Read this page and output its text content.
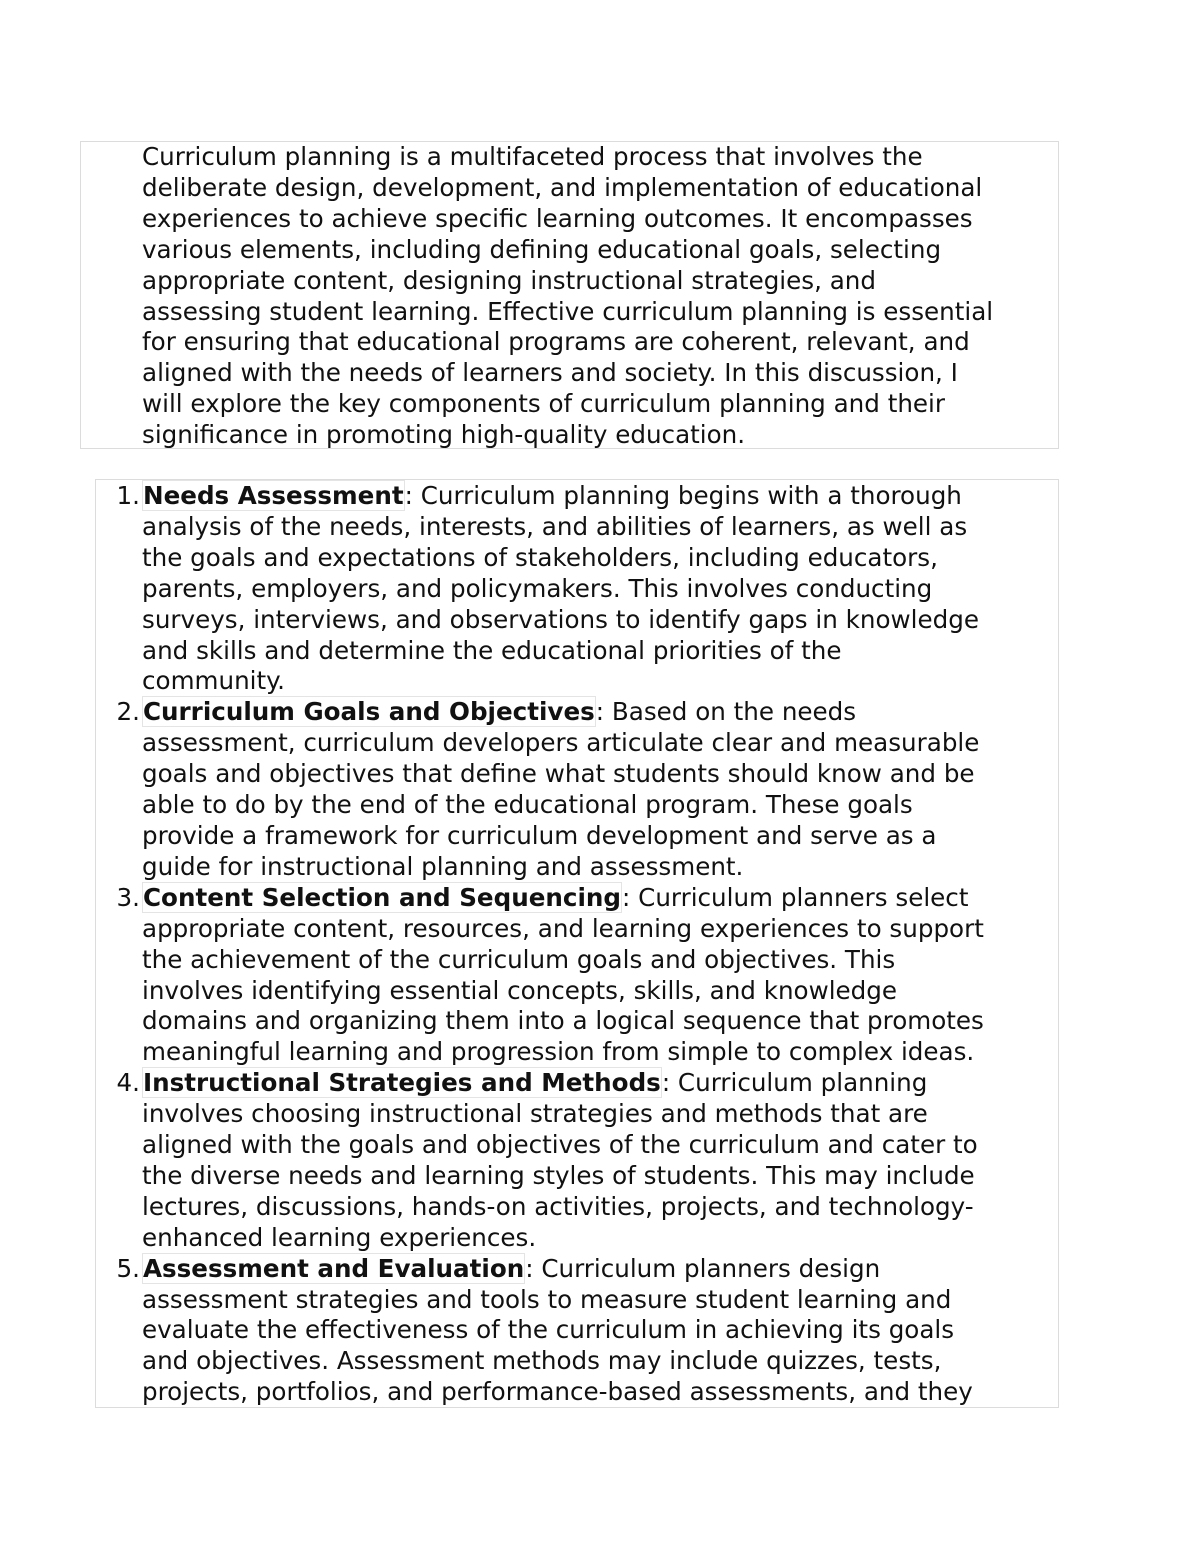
Curriculum planning is a multifaceted process that involves the
deliberate design, development, and implementation of educational
experiences to achieve specific learning outcomes. It encompasses
various elements, including defining educational goals, selecting
appropriate content, designing instructional strategies, and
assessing student learning. Effective curriculum planning is essential
for ensuring that educational programs are coherent, relevant, and
aligned with the needs of learners and society. In this discussion, I
will explore the key components of curriculum planning and their
significance in promoting high-quality education.

1. Needs Assessment: Curriculum planning begins with a thorough
analysis of the needs, interests, and abilities of learners, as well as
the goals and expectations of stakeholders, including educators,
parents, employers, and policymakers. This involves conducting
surveys, interviews, and observations to identify gaps in knowledge
and skills and determine the educational priorities of the
community.
2. Curriculum Goals and Objectives: Based on the needs
assessment, curriculum developers articulate clear and measurable
goals and objectives that define what students should know and be
able to do by the end of the educational program. These goals
provide a framework for curriculum development and serve as a
guide for instructional planning and assessment.
3. Content Selection and Sequencing: Curriculum planners select
appropriate content, resources, and learning experiences to support
the achievement of the curriculum goals and objectives. This
involves identifying essential concepts, skills, and knowledge
domains and organizing them into a logical sequence that promotes
meaningful learning and progression from simple to complex ideas.
4. Instructional Strategies and Methods: Curriculum planning
involves choosing instructional strategies and methods that are
aligned with the goals and objectives of the curriculum and cater to
the diverse needs and learning styles of students. This may include
lectures, discussions, hands-on activities, projects, and technology-
enhanced learning experiences.
5. Assessment and Evaluation: Curriculum planners design
assessment strategies and tools to measure student learning and
evaluate the effectiveness of the curriculum in achieving its goals
and objectives. Assessment methods may include quizzes, tests,
projects, portfolios, and performance-based assessments, and they
